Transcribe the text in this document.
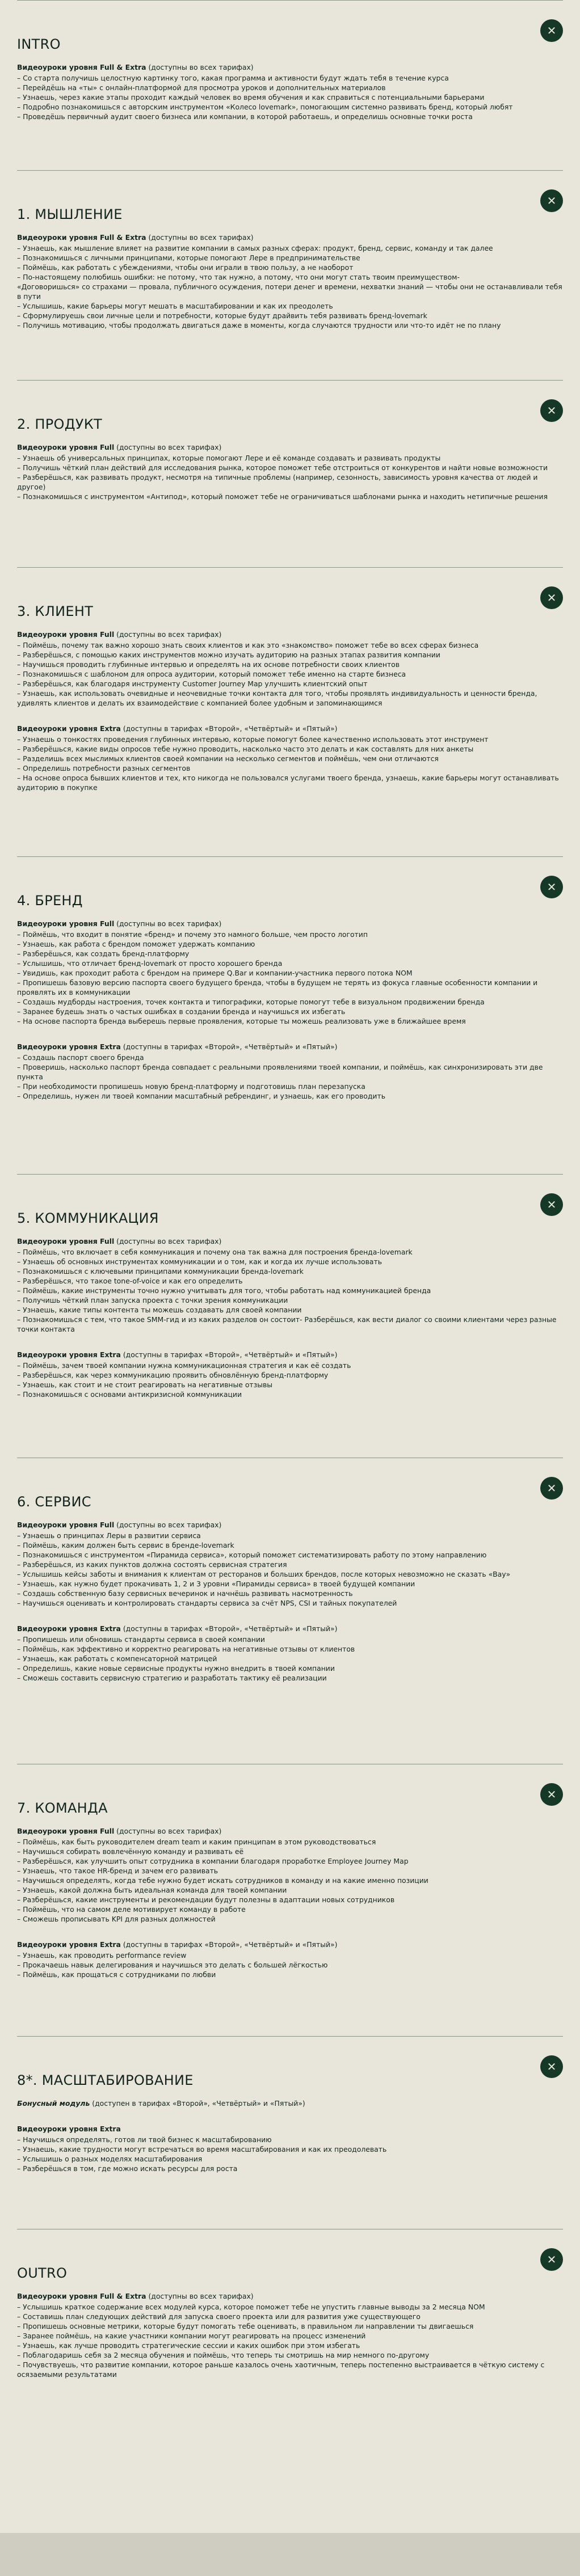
INTRO
✕

Видеоуроки уровня Full & Extra (доступны во всех тарифах)

– Со старта получишь целостную картинку того, какая программа и активности будут ждать тебя в течение курса
– Перейдёшь на «ты» с онлайн-платформой для просмотра уроков и дополнительных материалов
– Узнаешь, через какие этапы проходит каждый человек во время обучения и как справиться с потенциальными барьерами
– Подробно познакомишься с авторским инструментом «Колесо lovemark», помогающим системно развивать бренд, который любят
– Проведёшь первичный аудит своего бизнеса или компании, в которой работаешь, и определишь основные точки роста
1. МЫШЛЕНИЕ
✕

Видеоуроки уровня Full & Extra (доступны во всех тарифах)

– Узнаешь, как мышление влияет на развитие компании в самых разных сферах: продукт, бренд, сервис, команду и так далее
– Познакомишься с личными принципами, которые помогают Лере в предпринимательстве
– Поймёшь, как работать с убеждениями, чтобы они играли в твою пользу, а не наоборот
– По-настоящему полюбишь ошибки: не потому, что так нужно, а потому, что они могут стать твоим преимуществом-
«Договоришься» со страхами — провала, публичного осуждения, потери денег и времени, нехватки знаний — чтобы они не останавливали тебя в пути
– Услышишь, какие барьеры могут мешать в масштабировании и как их преодолеть
– Сформулируешь свои личные цели и потребности, которые будут драйвить тебя развивать бренд-lovemark
– Получишь мотивацию, чтобы продолжать двигаться даже в моменты, когда случаются трудности или что-то идёт не по плану
2. ПРОДУКТ
✕

Видеоуроки уровня Full (доступны во всех тарифах)

– Узнаешь об универсальных принципах, которые помогают Лере и её команде создавать и развивать продукты
– Получишь чёткий план действий для исследования рынка, которое поможет тебе отстроиться от конкурентов и найти новые возможности
– Разберёшься, как развивать продукт, несмотря на типичные проблемы (например, сезонность, зависимость уровня качества от людей и другое)
– Познакомишься с инструментом «Антипод», который поможет тебе не ограничиваться шаблонами рынка и находить нетипичные решения
3. КЛИЕНТ
✕

Видеоуроки уровня Full (доступны во всех тарифах)

– Поймёшь, почему так важно хорошо знать своих клиентов и как это «знакомство» поможет тебе во всех сферах бизнеса
– Разберёшься, с помощью каких инструментов можно изучать аудиторию на разных этапах развития компании
– Научишься проводить глубинные интервью и определять на их основе потребности своих клиентов
– Познакомишься с шаблоном для опроса аудитории, который поможет тебе именно на старте бизнеса
– Разберёшься, как благодаря инструменту Customer Journey Map улучшить клиентский опыт
– Узнаешь, как использовать очевидные и неочевидные точки контакта для того, чтобы проявлять индивидуальность и ценности бренда, удивлять клиентов и делать их взаимодействие с компанией более удобным и запоминающимся

Видеоуроки уровня Extra (доступны в тарифах «Второй», «Четвёртый» и «Пятый»)

– Узнаешь о тонкостях проведения глубинных интервью, которые помогут более качественно использовать этот инструмент
– Разберёшься, какие виды опросов тебе нужно проводить, насколько часто это делать и как составлять для них анкеты
– Разделишь всех мыслимых клиентов своей компании на несколько сегментов и поймёшь, чем они отличаются
– Определишь потребности разных сегментов
– На основе опроса бывших клиентов и тех, кто никогда не пользовался услугами твоего бренда, узнаешь, какие барьеры могут останавливать аудиторию в покупке
4. БРЕНД
✕

Видеоуроки уровня Full (доступны во всех тарифах)

– Поймёшь, что входит в понятие «бренд» и почему это намного больше, чем просто логотип
– Узнаешь, как работа с брендом поможет удержать компанию
– Разберёшься, как создать бренд-платформу
– Услышишь, что отличает бренд-lovemark от просто хорошего бренда
– Увидишь, как проходит работа с брендом на примере Q.Bar и компании-участника первого потока NOM
– Пропишешь базовую версию паспорта своего будущего бренда, чтобы в будущем не терять из фокуса главные особенности компании и проявлять их в коммуникации
– Создашь мудборды настроения, точек контакта и типографики, которые помогут тебе в визуальном продвижении бренда
– Заранее будешь знать о частых ошибках в создании бренда и научишься их избегать
– На основе паспорта бренда выберешь первые проявления, которые ты можешь реализовать уже в ближайшее время

Видеоуроки уровня Extra (доступны в тарифах «Второй», «Четвёртый» и «Пятый»)

– Создашь паспорт своего бренда
– Проверишь, насколько паспорт бренда совпадает с реальными проявлениями твоей компании, и поймёшь, как синхронизировать эти две пункта
– При необходимости пропишешь новую бренд-платформу и подготовишь план перезапуска
– Определишь, нужен ли твоей компании масштабный ребрендинг, и узнаешь, как его проводить
5. КОММУНИКАЦИЯ
✕

Видеоуроки уровня Full (доступны во всех тарифах)

– Поймёшь, что включает в себя коммуникация и почему она так важна для построения бренда-lovemark
– Узнаешь об основных инструментах коммуникации и о том, как и когда их лучше использовать
– Познакомишься с ключевыми принципами коммуникации бренда-lovemark
– Разберёшься, что такое tone-of-voice и как его определить
– Поймёшь, какие инструменты точно нужно учитывать для того, чтобы работать над коммуникацией бренда
– Получишь чёткий план запуска проекта с точки зрения коммуникации
– Узнаешь, какие типы контента ты можешь создавать для своей компании
– Познакомишься с тем, что такое SMM-гид и из каких разделов он состоит- Разберёшься, как вести диалог со своими клиентами через разные точки контакта

Видеоуроки уровня Extra (доступны в тарифах «Второй», «Четвёртый» и «Пятый»)

– Поймёшь, зачем твоей компании нужна коммуникационная стратегия и как её создать
– Разберёшься, как через коммуникацию проявить обновлённую бренд-платформу
– Узнаешь, как стоит и не стоит реагировать на негативные отзывы
– Познакомишься с основами антикризисной коммуникации
6. СЕРВИС
✕

Видеоуроки уровня Full (доступны во всех тарифах)

– Узнаешь о принципах Леры в развитии сервиса
– Поймёшь, каким должен быть сервис в бренде-lovemark
– Познакомишься с инструментом «Пирамида сервиса», который поможет систематизировать работу по этому направлению
– Разберёшься, из каких пунктов должна состоять сервисная стратегия
– Услышишь кейсы заботы и внимания к клиентам от ресторанов и больших брендов, после которых невозможно не сказать «Вау»
– Узнаешь, как нужно будет прокачивать 1, 2 и 3 уровни «Пирамиды сервиса» в твоей будущей компании
– Создашь собственную базу сервисных вечеринок и начнёшь развивать насмотренность
– Научишься оценивать и контролировать стандарты сервиса за счёт NPS, CSI и тайных покупателей

Видеоуроки уровня Extra (доступны в тарифах «Второй», «Четвёртый» и «Пятый»)

– Пропишешь или обновишь стандарты сервиса в своей компании
– Поймёшь, как эффективно и корректно реагировать на негативные отзывы от клиентов
– Узнаешь, как работать с компенсаторной матрицей
– Определишь, какие новые сервисные продукты нужно внедрить в твоей компании
– Сможешь составить сервисную стратегию и разработать тактику её реализации
7. КОМАНДА
✕

Видеоуроки уровня Full (доступны во всех тарифах)

– Поймёшь, как быть руководителем dream team и каким принципам в этом руководствоваться
– Научишься собирать вовлечённую команду и развивать её
– Разберёшься, как улучшить опыт сотрудника в компании благодаря проработке Employee Journey Map
– Узнаешь, что такое HR-бренд и зачем его развивать
– Научишься определять, когда тебе нужно будет искать сотрудников в команду и на какие именно позиции
– Узнаешь, какой должна быть идеальная команда для твоей компании
– Разберёшься, какие инструменты и рекомендации будут полезны в адаптации новых сотрудников
– Поймёшь, что на самом деле мотивирует команду в работе
– Сможешь прописывать KPI для разных должностей

Видеоуроки уровня Extra (доступны в тарифах «Второй», «Четвёртый» и «Пятый»)

– Узнаешь, как проводить performance review
– Прокачаешь навык делегирования и научишься это делать с большей лёгкостью
– Поймёшь, как прощаться с сотрудниками по любви
8*. МАСШТАБИРОВАНИЕ
✕

Бонусный модуль (доступен в тарифах «Второй», «Четвёртый» и «Пятый»)

Видеоуроки уровня Extra

– Научишься определять, готов ли твой бизнес к масштабированию
– Узнаешь, какие трудности могут встречаться во время масштабирования и как их преодолевать
– Услышишь о разных моделях масштабирования
– Разберёшься в том, где можно искать ресурсы для роста
OUTRO
✕

Видеоуроки уровня Full & Extra (доступны во всех тарифах)

– Услышишь краткое содержание всех модулей курса, которое поможет тебе не упустить главные выводы за 2 месяца NOM
– Составишь план следующих действий для запуска своего проекта или для развития уже существующего
– Пропишешь основные метрики, которые будут помогать тебе оценивать, в правильном ли направлении ты двигаешься
– Заранее поймёшь, на какие участники компании могут реагировать на процесс изменений
– Узнаешь, как лучше проводить стратегические сессии и каких ошибок при этом избегать
– Поблагодаришь себя за 2 месяца обучения и поймёшь, что теперь ты смотришь на мир немного по-другому
– Почувствуешь, что развитие компании, которое раньше казалось очень хаотичным, теперь постепенно выстраивается в чёткую систему с осязаемыми результатами
